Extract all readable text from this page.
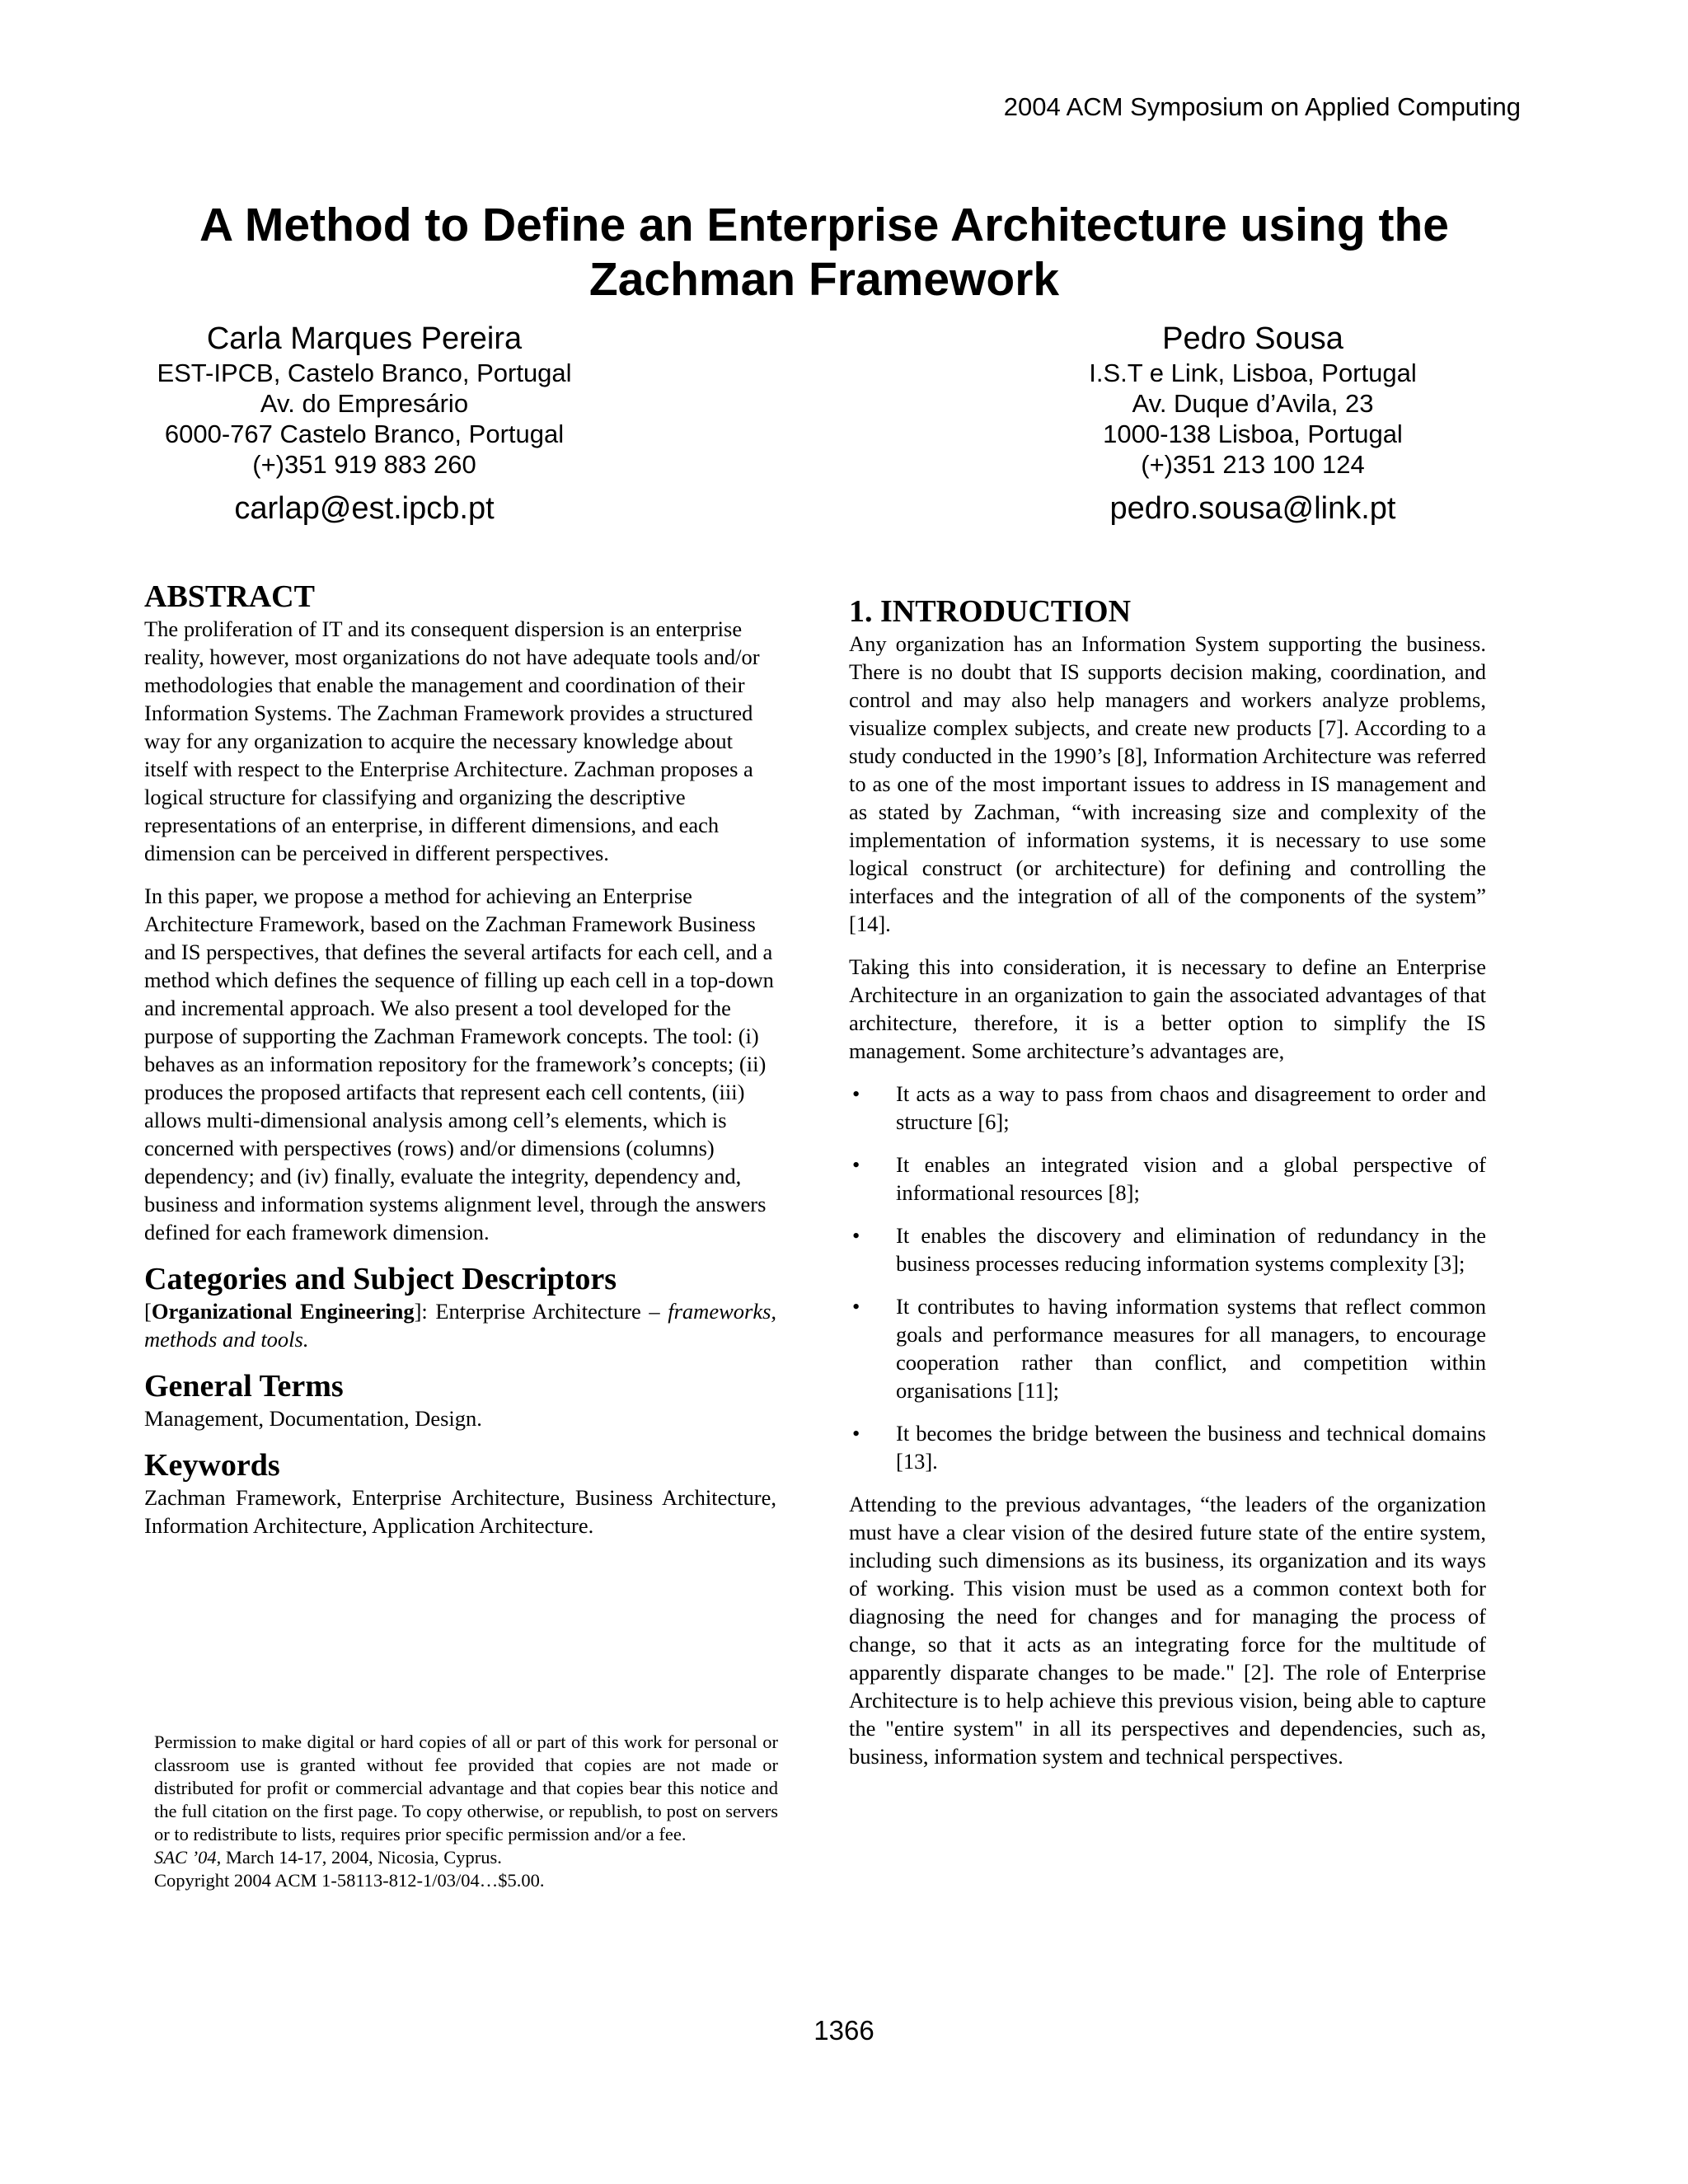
2004 ACM Symposium on Applied Computing
A Method to Define an Enterprise Architecture using the
Zachman Framework
Carla Marques Pereira
EST-IPCB, Castelo Branco, Portugal
Av. do Empresário
6000-767 Castelo Branco, Portugal
(+)351 919 883 260
carlap@est.ipcb.pt
Pedro Sousa
I.S.T e Link, Lisboa, Portugal
Av. Duque d’Avila, 23
1000-138 Lisboa, Portugal
(+)351 213 100 124
pedro.sousa@link.pt
ABSTRACT

The proliferation of IT and its consequent dispersion is an enterprise reality, however, most organizations do not have adequate tools and/or methodologies that enable the management and coordination of their Information Systems. The Zachman Framework provides a structured way for any organization to acquire the necessary knowledge about itself with respect to the Enterprise Architecture. Zachman proposes a logical structure for classifying and organizing the descriptive representations of an enterprise, in different dimensions, and each dimension can be perceived in different perspectives.

In this paper, we propose a method for achieving an Enterprise Architecture Framework, based on the Zachman Framework Business and IS perspectives, that defines the several artifacts for each cell, and a method which defines the sequence of filling up each cell in a top-down and incremental approach. We also present a tool developed for the purpose of supporting the Zachman Framework concepts. The tool: (i) behaves as an information repository for the framework’s concepts; (ii) produces the proposed artifacts that represent each cell contents, (iii) allows multi-dimensional analysis among cell’s elements, which is concerned with perspectives (rows) and/or dimensions (columns) dependency; and (iv) finally, evaluate the integrity, dependency and, business and information systems alignment level, through the answers defined for each framework dimension.

Categories and Subject Descriptors

[Organizational Engineering]: Enterprise Architecture – frameworks, methods and tools.

General Terms

Management, Documentation, Design.

Keywords

Zachman Framework, Enterprise Architecture, Business Architecture, Information Architecture, Application Architecture.

Permission to make digital or hard copies of all or part of this work for personal or classroom use is granted without fee provided that copies are not made or distributed for profit or commercial advantage and that copies bear this notice and the full citation on the first page. To copy otherwise, or republish, to post on servers or to redistribute to lists, requires prior specific permission and/or a fee.

SAC ’04, March 14-17, 2004, Nicosia, Cyprus.

Copyright 2004 ACM 1-58113-812-1/03/04…$5.00.

1. INTRODUCTION

Any organization has an Information System supporting the business. There is no doubt that IS supports decision making, coordination, and control and may also help managers and workers analyze problems, visualize complex subjects, and create new products [7]. According to a study conducted in the 1990’s [8], Information Architecture was referred to as one of the most important issues to address in IS management and as stated by Zachman, “with increasing size and complexity of the implementation of information systems, it is necessary to use some logical construct (or architecture) for defining and controlling the interfaces and the integration of all of the components of the system” [14].

Taking this into consideration, it is necessary to define an Enterprise Architecture in an organization to gain the associated advantages of that architecture, therefore, it is a better option to simplify the IS management. Some architecture’s advantages are,

• It acts as a way to pass from chaos and disagreement to order and structure [6];
• It enables an integrated vision and a global perspective of informational resources [8];
• It enables the discovery and elimination of redundancy in the business processes reducing information systems complexity [3];
• It contributes to having information systems that reflect common goals and performance measures for all managers, to encourage cooperation rather than conflict, and competition within organisations [11];
• It becomes the bridge between the business and technical domains [13].

Attending to the previous advantages, “the leaders of the organization must have a clear vision of the desired future state of the entire system, including such dimensions as its business, its organization and its ways of working. This vision must be used as a common context both for diagnosing the need for changes and for managing the process of change, so that it acts as an integrating force for the multitude of apparently disparate changes to be made." [2]. The role of Enterprise Architecture is to help achieve this previous vision, being able to capture the "entire system" in all its perspectives and dependencies, such as, business, information system and technical perspectives.

1366
